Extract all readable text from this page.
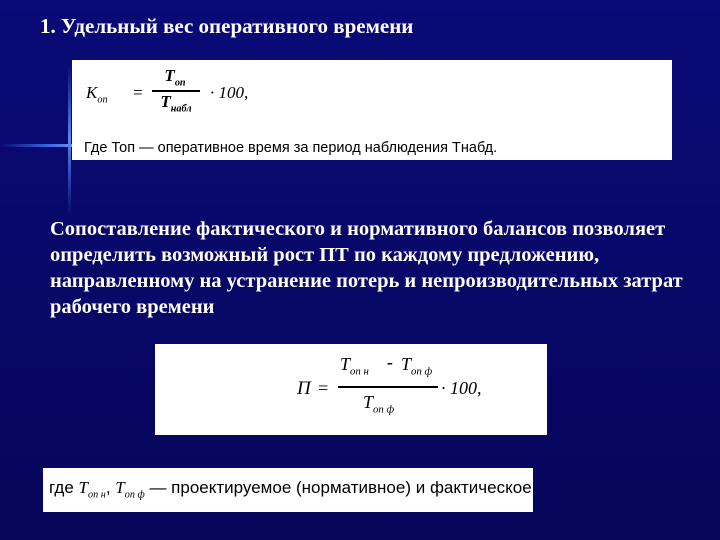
1. Удельный вес оперативного времени
$K_{оп}$ =
$T_{оп}$
$T_{набл}$
· 100,
Где Топ — оперативное время за период наблюдения Тнабд.
Сопоставление фактического и нормативного балансов позволяет определить возможный рост ПТ по каждому предложению, направленному на устранение потерь и непроизводительных затрат рабочего времени
П =
$T_{оп н} - T_{оп ф}$
$T_{оп ф}$
· 100,
где $T_{оп н}$, $T_{оп ф}$ — проектируемое (нормативное) и фактическое
